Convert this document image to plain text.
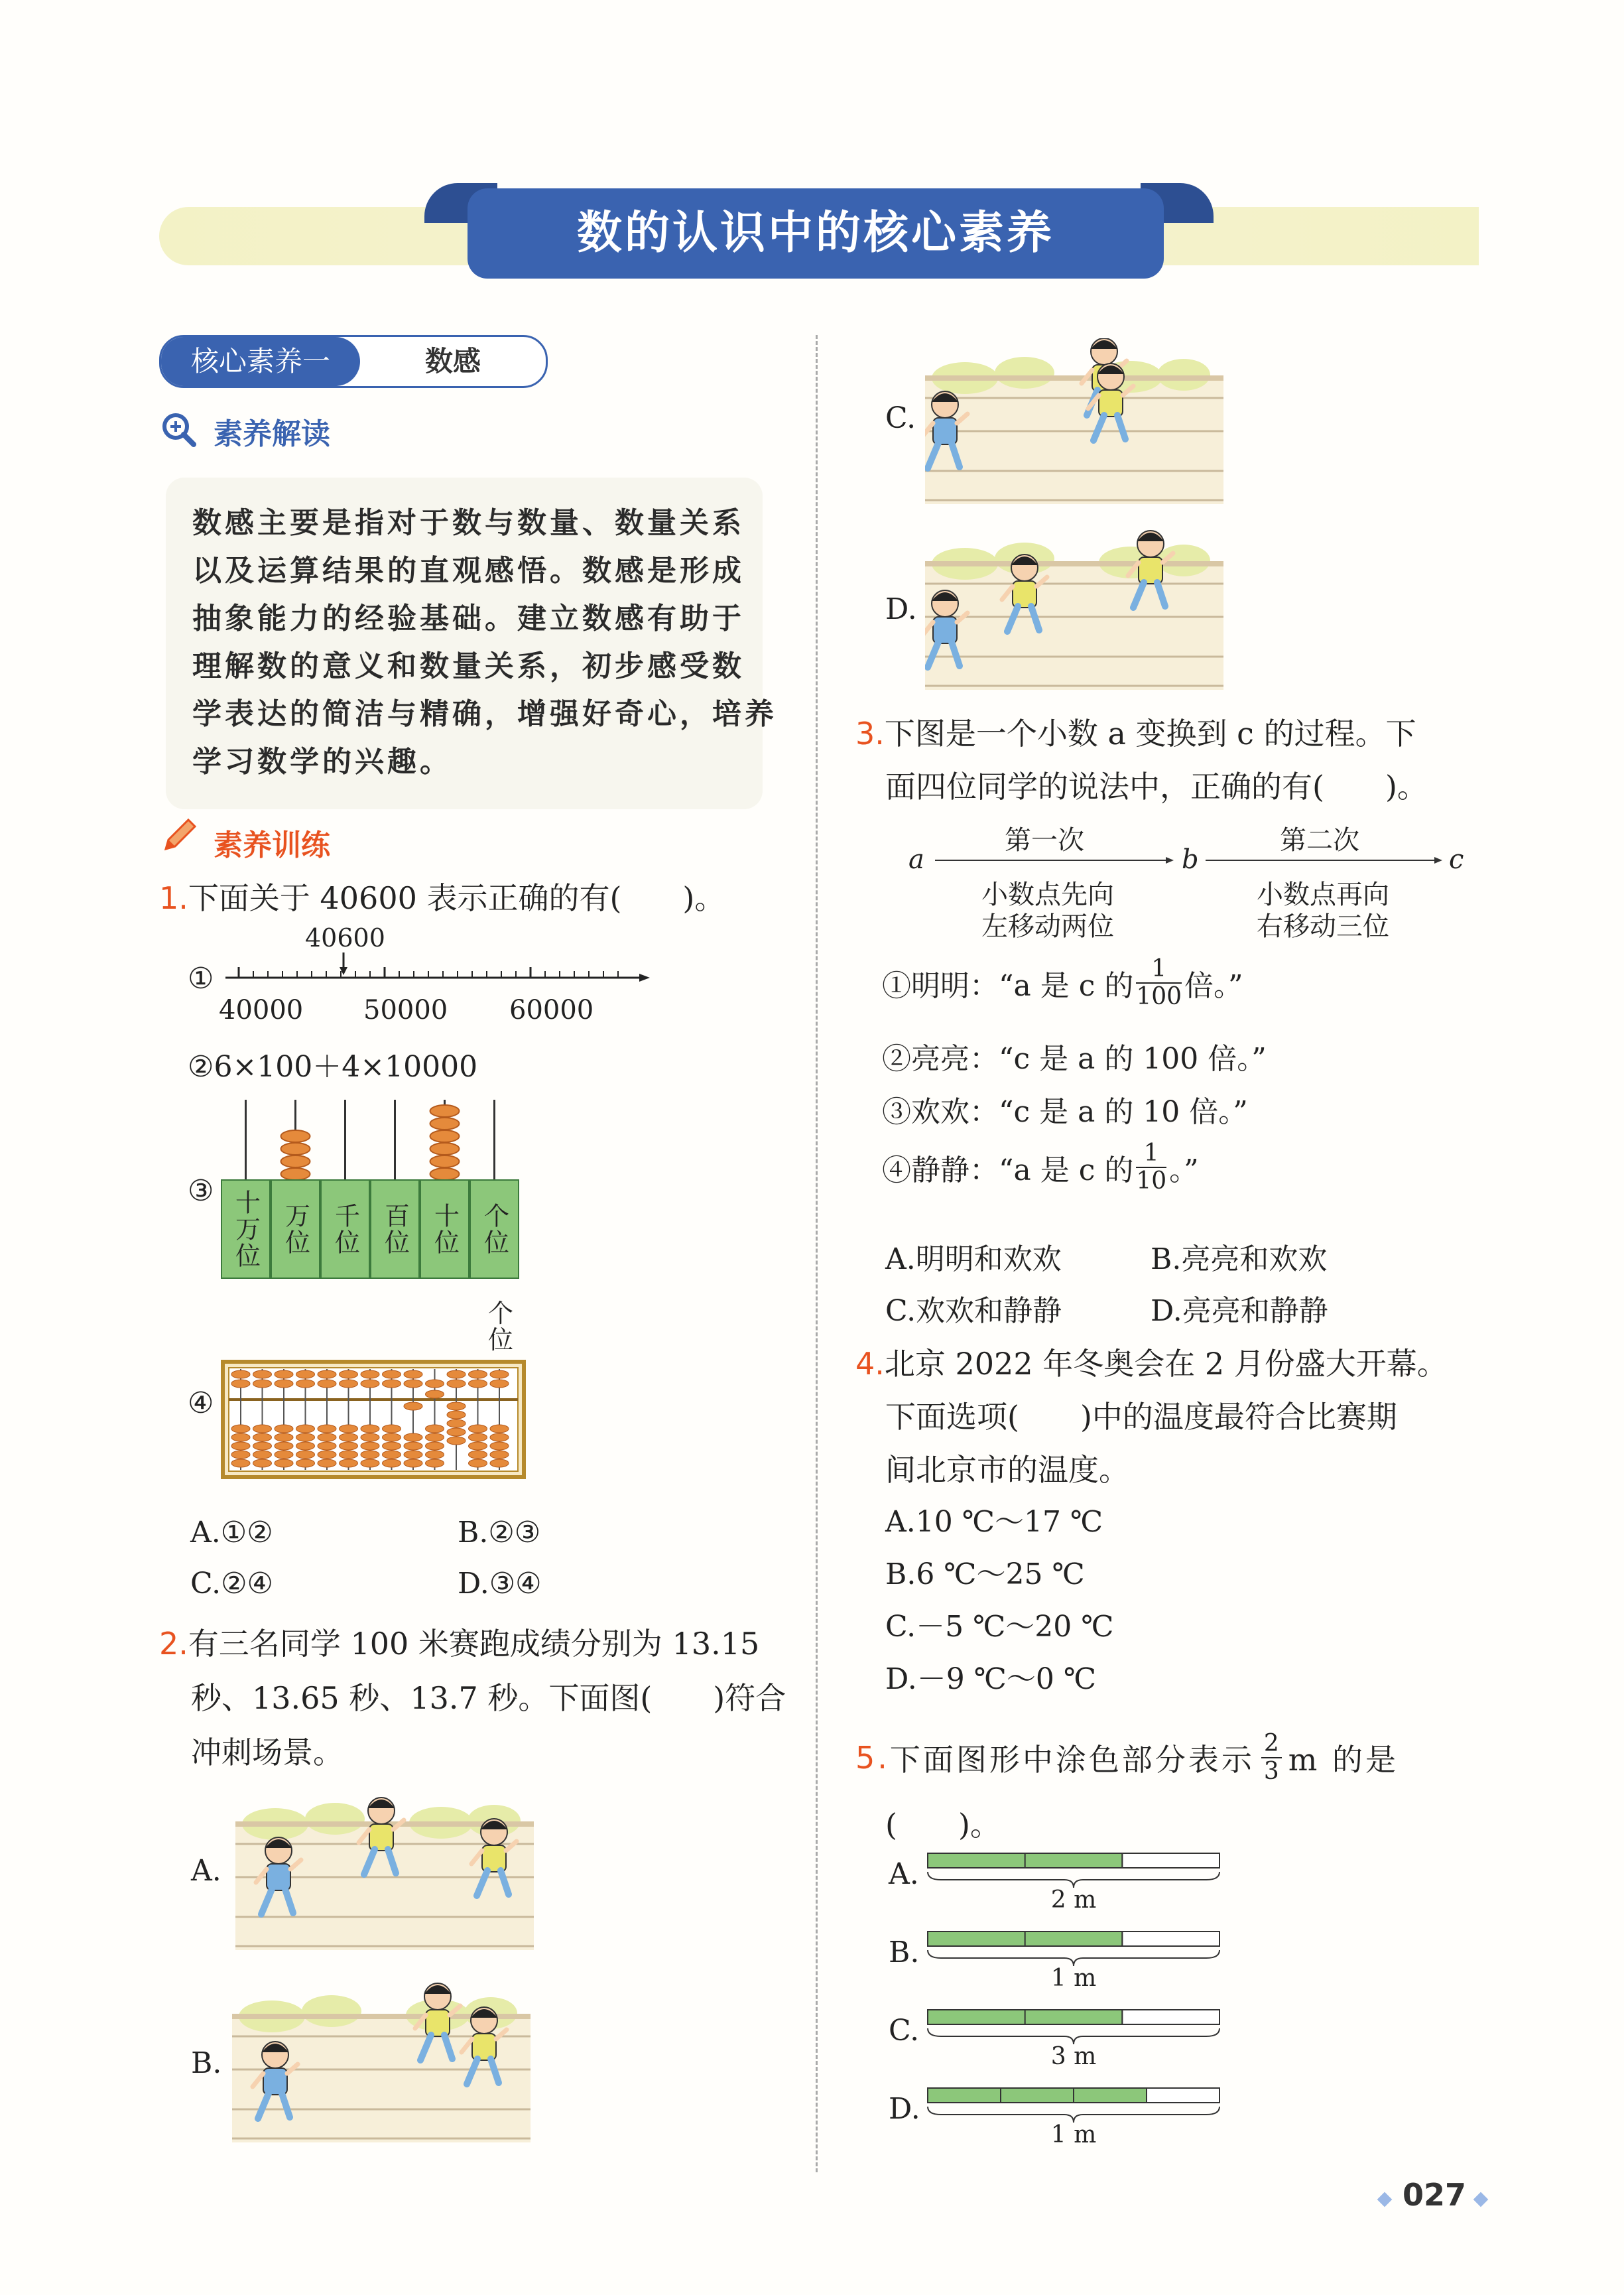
数的认识中的核心素养
核心素养一	数感
素养解读
数感主要是指对于数与数量、数量关系
以及运算结果的直观感悟。数感是形成
抽象能力的经验基础。建立数感有助于
理解数的意义和数量关系，初步感受数
学表达的简洁与精确，增强好奇心，培养
学习数学的兴趣。
素养训练
1.下面关于 40600 表示正确的有(　　)。
①
40600
40000 50000 60000
②6×100＋4×10000
③ 十万位 万位 千位 百位 十位 个位
个位
④
A.①②	B.②③
C.②④	D.③④
2.有三名同学 100 米赛跑成绩分别为 13.15
秒、13.65 秒、13.7 秒。下面图(　　)符合
冲刺场景。
A.
B.
C.
D.
3.下图是一个小数 a 变换到 c 的过程。下
面四位同学的说法中，正确的有(　　)。
a	b	c
第一次
小数点先向
左移动两位
第二次
小数点再向
右移动三位
①明明：“a 是 c 的 $\frac{1}{100}$ 倍。”
②亮亮：“c 是 a 的 100 倍。”
③欢欢：“c 是 a 的 10 倍。”
④静静：“a 是 c 的 $\frac{1}{10}$ 。”
A.明明和欢欢	B.亮亮和欢欢
C.欢欢和静静	D.亮亮和静静
4.北京 2022 年冬奥会在 2 月份盛大开幕。
下面选项(　　)中的温度最符合比赛期
间北京市的温度。
A.10 ℃～17 ℃
B.6 ℃～25 ℃
C.－5 ℃～20 ℃
D.－9 ℃～0 ℃
5. 下面图形中涂色部分表示 $\frac{2}{3}$ m 的是
(　　)。
A.
2 m
B.
1 m
C.
3 m
D.
1 m
027
